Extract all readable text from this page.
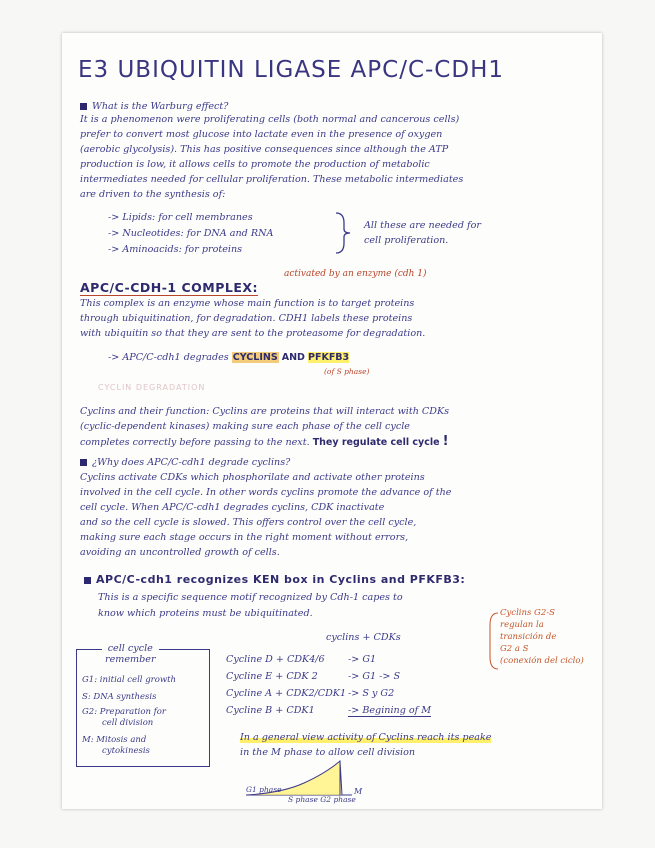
E3 UBIQUITIN LIGASE APC/C-CDH1
What is the Warburg effect?
It is a phenomenon were proliferating cells (both normal and cancerous cells)
prefer to convert most glucose into lactate even in the presence of oxygen
(aerobic glycolysis). This has positive consequences since although the ATP
production is low, it allows cells to promote the production of metabolic
intermediates needed for cellular proliferation. These metabolic intermediates
are driven to the synthesis of:
-> Lipids: for cell membranes
-> Nucleotides: for DNA and RNA
-> Aminoacids: for proteins
All these are needed for
cell proliferation.
APC/C-CDH-1 COMPLEX:
activated by an enzyme (cdh 1)
This complex is an enzyme whose main function is to target proteins
through ubiquitination, for degradation. CDH1 labels these proteins
with ubiquitin so that they are sent to the proteasome for degradation.
-> APC/C-cdh1 degrades CYCLINS AND PFKFB3
(of S phase)
CYCLIN DEGRADATION
Cyclins and their function: Cyclins are proteins that will interact with CDKs
(cyclic-dependent kinases) making sure each phase of the cell cycle
completes correctly before passing to the next. They regulate cell cycle !
¿Why does APC/C-cdh1 degrade cyclins?
Cyclins activate CDKs which phosphorilate and activate other proteins
involved in the cell cycle. In other words cyclins promote the advance of the
cell cycle. When APC/C-cdh1 degrades cyclins, CDK inactivate
and so the cell cycle is slowed. This offers control over the cell cycle,
making sure each stage occurs in the right moment without errors,
avoiding an uncontrolled growth of cells.
APC/C-cdh1 recognizes KEN box in Cyclins and PFKFB3:
This is a specific sequence motif recognized by Cdh-1 capes to
know which proteins must be ubiquitinated.
cell cycle
remember
G1: initial cell growth
S: DNA synthesis
G2: Preparation for
cell division
M: Mitosis and
cytokinesis
cyclins + CDKs
Cycline D + CDK4/6 -> G1
Cycline E + CDK 2	-> G1 -> S
Cycline A + CDK2/CDK1 -> S y G2
Cycline B + CDK1	-> Begining of M
Cyclins G2-S
regulan la
transición de
G2 a S
(conexión del ciclo)
In a general view activity of Cyclins reach its peake
in the M phase to allow cell division
G1 phase
S phase G2 phase
M
